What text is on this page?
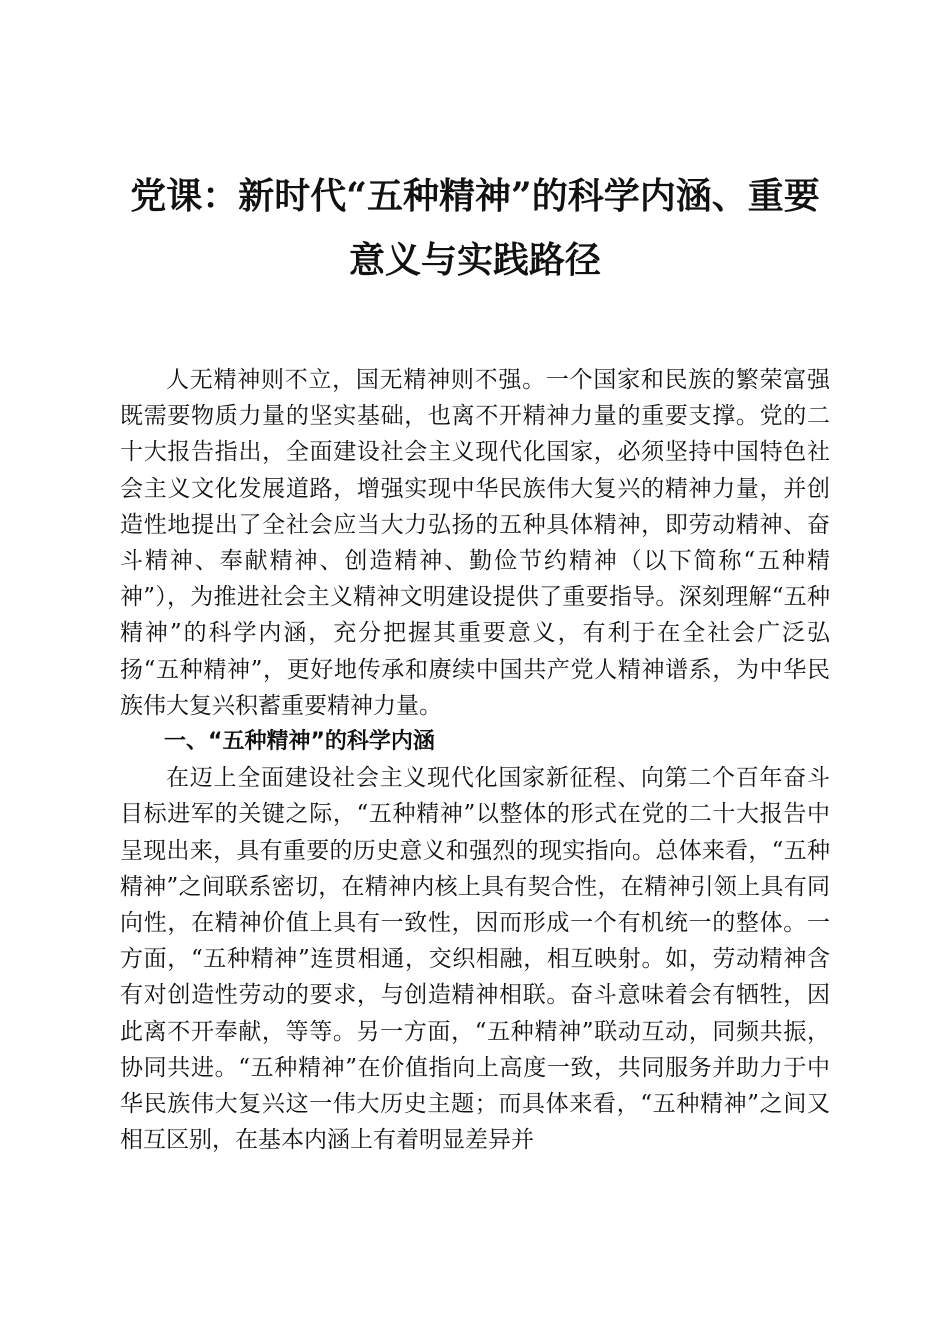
党课：新时代“五种精神”的科学内涵、重要
意义与实践路径

人无精神则不立，国无精神则不强。一个国家和民族的繁荣富强既需要物质力量的坚实基础，也离不开精神力量的重要支撑。党的二十大报告指出，全面建设社会主义现代化国家，必须坚持中国特色社会主义文化发展道路，增强实现中华民族伟大复兴的精神力量，并创造性地提出了全社会应当大力弘扬的五种具体精神，即劳动精神、奋斗精神、奉献精神、创造精神、勤俭节约精神（以下简称“五种精神”），为推进社会主义精神文明建设提供了重要指导。深刻理解“五种精神”的科学内涵，充分把握其重要意义，有利于在全社会广泛弘扬“五种精神”，更好地传承和赓续中国共产党人精神谱系，为中华民族伟大复兴积蓄重要精神力量。

一、“五种精神”的科学内涵

在迈上全面建设社会主义现代化国家新征程、向第二个百年奋斗目标进军的关键之际，“五种精神”以整体的形式在党的二十大报告中呈现出来，具有重要的历史意义和强烈的现实指向。总体来看，“五种精神”之间联系密切，在精神内核上具有契合性，在精神引领上具有同向性，在精神价值上具有一致性，因而形成一个有机统一的整体。一方面，“五种精神”连贯相通，交织相融，相互映射。如，劳动精神含有对创造性劳动的要求，与创造精神相联。奋斗意味着会有牺牲，因此离不开奉献，等等。另一方面，“五种精神”联动互动，同频共振，协同共进。“五种精神”在价值指向上高度一致，共同服务并助力于中华民族伟大复兴这一伟大历史主题；而具体来看，“五种精神”之间又相互区别，在基本内涵上有着明显差异并
